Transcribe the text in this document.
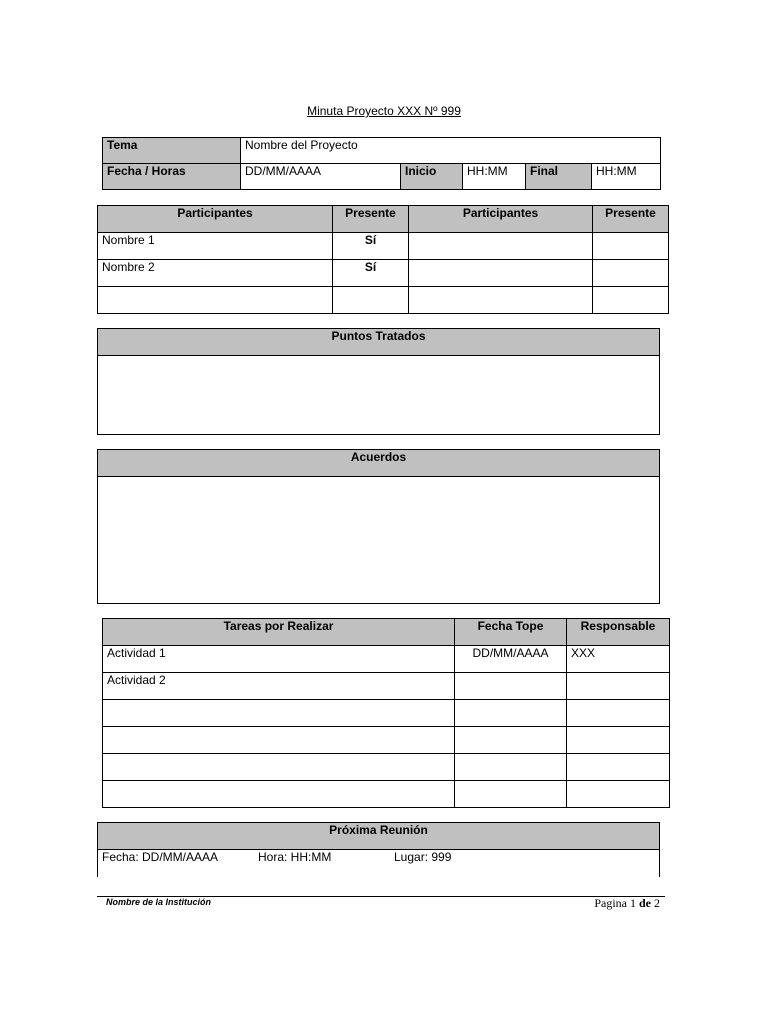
Minuta Proyecto XXX Nº 999
Tema	Nombre del Proyecto				
Fecha / Horas	DD/MM/AAAA	Inicio	HH:MM	Final	HH:MM
Participantes	Presente	Participantes	Presente
Nombre 1	Sí		
Nombre 2	Sí		

Puntos Tratados
Acuerdos
Tareas por Realizar	Fecha Tope	Responsable
Actividad 1	DD/MM/AAAA	XXX
Actividad 2		

Próxima Reunión
Fecha: DD/MM/AAAA	Hora: HH:MM	Lugar: 999
Nombre de la Institución	Pagina 1 de 2
